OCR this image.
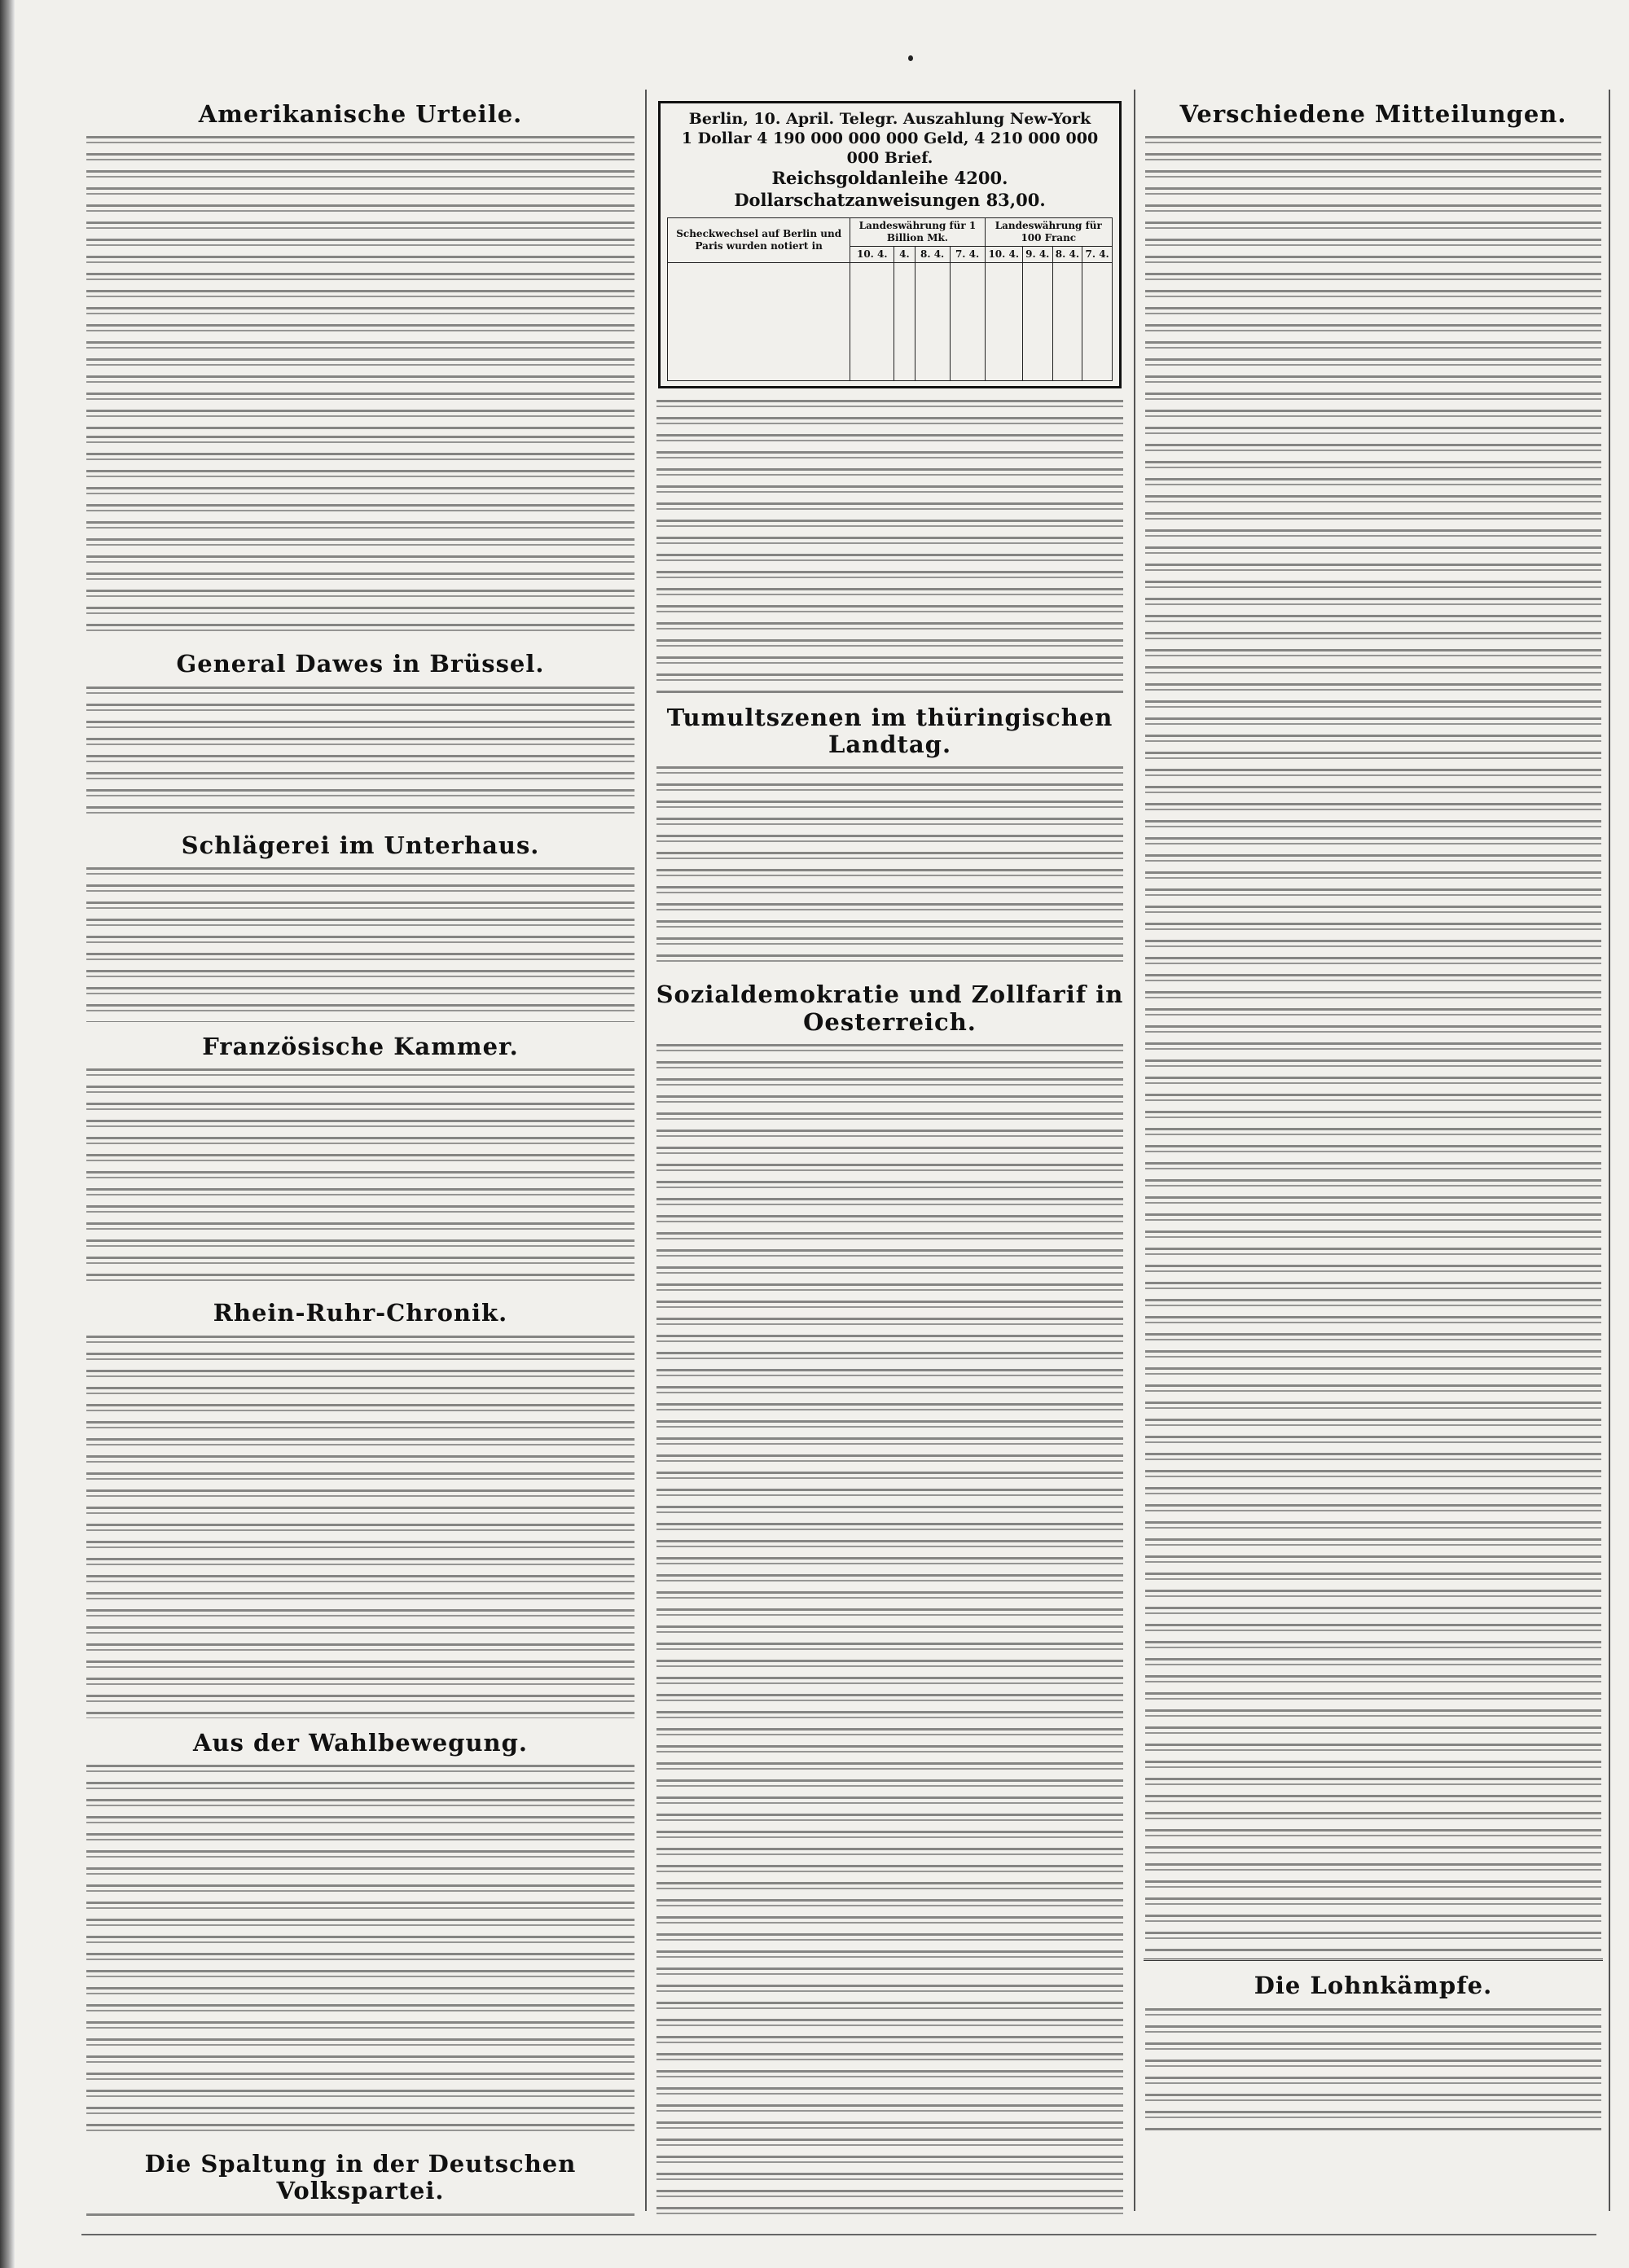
Amerikanische Urteile.
General Dawes in Brüssel.
Schlägerei im Unterhaus.
Französische Kammer.
Rhein-Ruhr-Chronik.
Aus der Wahlbewegung.
Die Spaltung in der Deutschen Volkspartei.
Berlin, 10. April. Telegr. Auszahlung New-York
1 Dollar 4 190 000 000 000 Geld, 4 210 000 000 000 Brief.
Reichsgoldanleihe 4200.
Dollarschatzanweisungen 83,00.
Scheckwechsel auf Berlin und Paris wurden notiert in	Landeswährung für 1 Billion Mk.				Landeswährung für 100 Franc			
	10. 4.	4.	8. 4.	7. 4.	10. 4.	9. 4.	8. 4.	7. 4.

Tumultszenen im thüringischen Landtag.
Sozialdemokratie und Zollfarif in Oesterreich.
Verschiedene Mitteilungen.
Die Lohnkämpfe.
